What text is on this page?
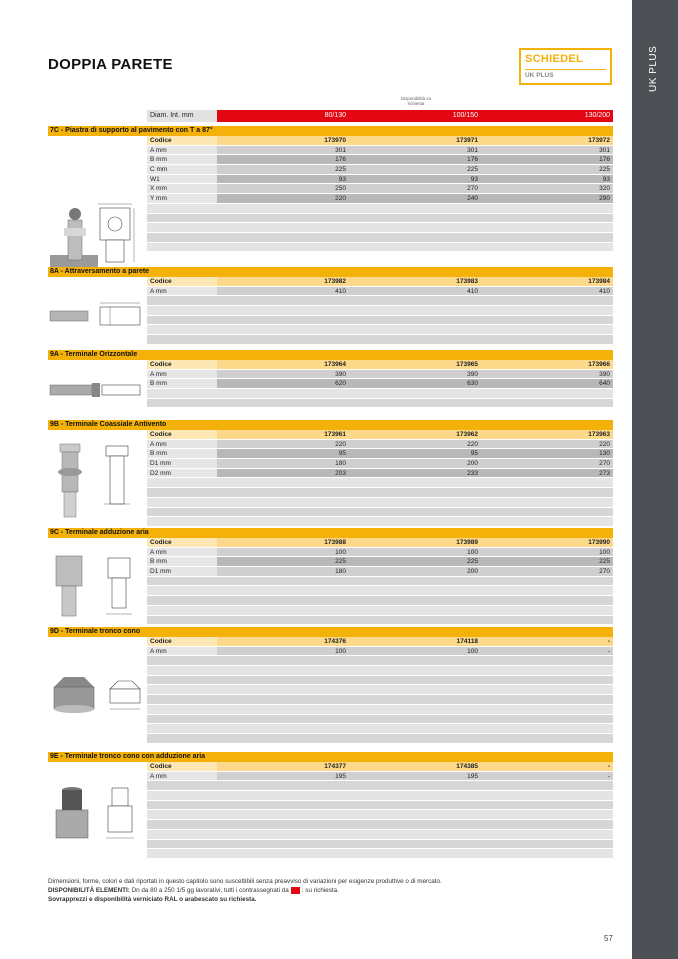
UK PLUS
DOPPIA PARETE	SCHIEDEL
UK PLUS
Disponibilità su richiesta
Diam. Int. mm	80/130	100/150	130/200
7C - Piastra di supporto al pavimento con T a 87°
Codice	173970	173971	173972
A mm	301	301	301
B mm	176	176	176
C mm	225	225	225
W1	93	93	93
X mm	250	270	320
Y mm	220	240	290
8A - Attraversamento a parete
Codice	173982	173983	173984
A mm	410	410	410
9A - Terminale Orizzontale
Codice	173964	173965	173966
A mm	390	390	390
B mm	620	630	640
9B - Terminale Coassiale Antivento
Codice	173961	173962	173963
A mm	220	220	220
B mm	95	95	130
D1 mm	180	200	270
D2 mm	203	233	273
9C - Terminale adduzione aria
Codice	173988	173989	173990
A mm	100	100	100
B mm	225	225	225
D1 mm	180	200	270
9D - Terminale tronco cono
Codice	174376	174118	-
A mm	100	100	-
9E - Terminale tronco cono con adduzione aria
Codice	174377	174385	-
A mm	195	195	-
Dimensioni, forme, colori e dati riportati in questo capitolo sono suscettibili senza preavviso di variazioni per esigenze produttive o di mercato.
DISPONIBILITÀ ELEMENTI: Dn da 80 a 250 1/5 gg lavorativi, tutti i contrassegnati da : su richiesta.
Sovrapprezzi e disponibilità verniciato RAL o arabescato su richiesta.
57
